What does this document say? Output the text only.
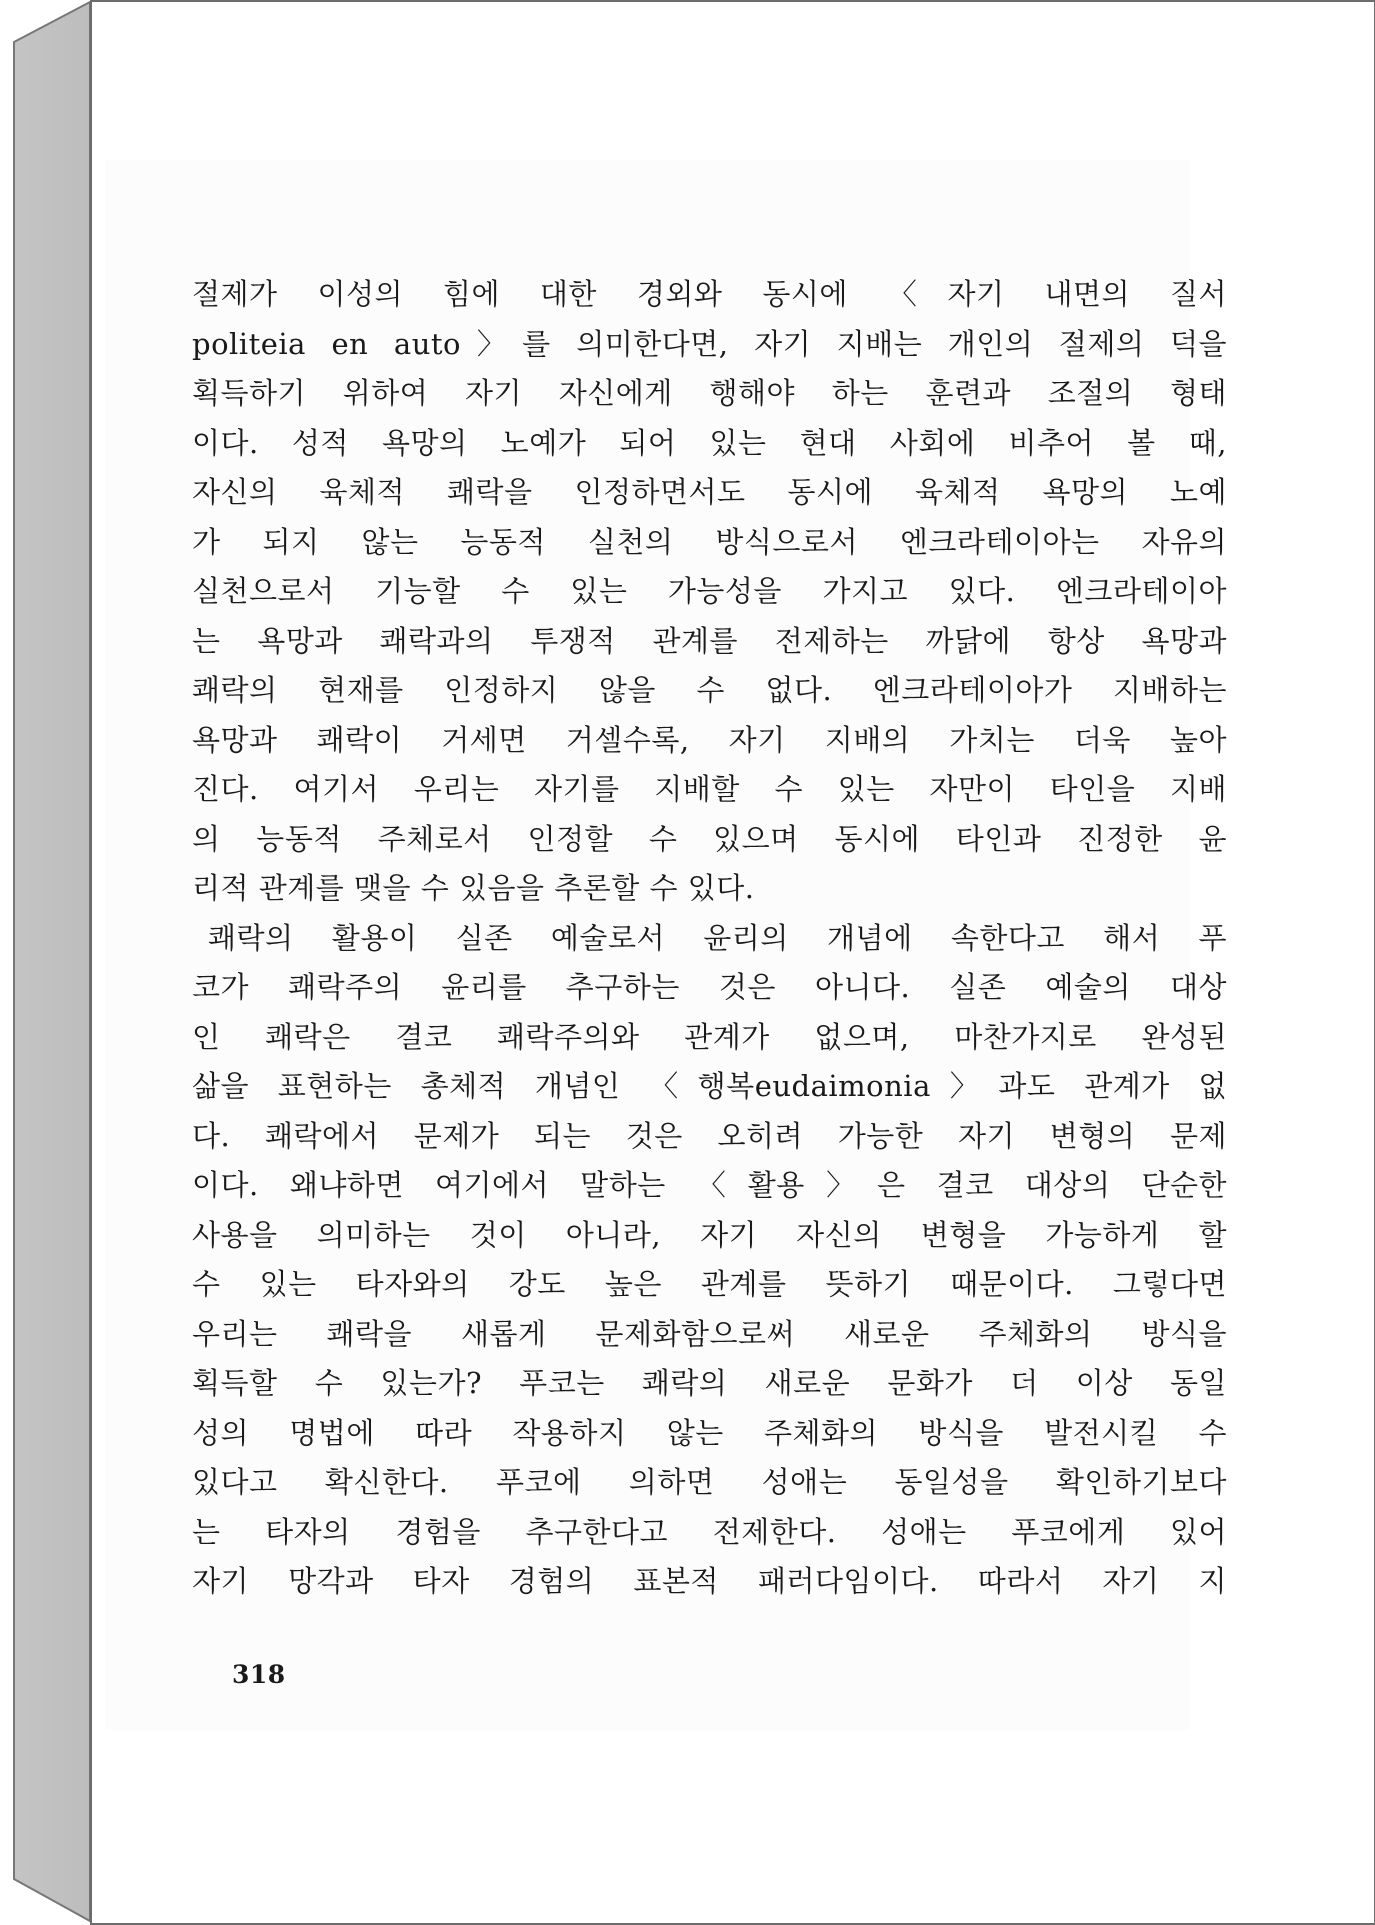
절제가 이성의 힘에 대한 경외와 동시에 〈자기 내면의 질서
politeia en auto〉를 의미한다면, 자기 지배는 개인의 절제의 덕을
획득하기 위하여 자기 자신에게 행해야 하는 훈련과 조절의 형태
이다. 성적 욕망의 노예가 되어 있는 현대 사회에 비추어 볼 때,
자신의 육체적 쾌락을 인정하면서도 동시에 육체적 욕망의 노예
가 되지 않는 능동적 실천의 방식으로서 엔크라테이아는 자유의
실천으로서 기능할 수 있는 가능성을 가지고 있다. 엔크라테이아
는 욕망과 쾌락과의 투쟁적 관계를 전제하는 까닭에 항상 욕망과
쾌락의 현재를 인정하지 않을 수 없다. 엔크라테이아가 지배하는
욕망과 쾌락이 거세면 거셀수록, 자기 지배의 가치는 더욱 높아
진다. 여기서 우리는 자기를 지배할 수 있는 자만이 타인을 지배
의 능동적 주체로서 인정할 수 있으며 동시에 타인과 진정한 윤
리적 관계를 맺을 수 있음을 추론할 수 있다.
쾌락의 활용이 실존 예술로서 윤리의 개념에 속한다고 해서 푸
코가 쾌락주의 윤리를 추구하는 것은 아니다. 실존 예술의 대상
인 쾌락은 결코 쾌락주의와 관계가 없으며, 마찬가지로 완성된
삶을 표현하는 총체적 개념인 〈행복eudaimonia〉과도 관계가 없
다. 쾌락에서 문제가 되는 것은 오히려 가능한 자기 변형의 문제
이다. 왜냐하면 여기에서 말하는 〈활용〉은 결코 대상의 단순한
사용을 의미하는 것이 아니라, 자기 자신의 변형을 가능하게 할
수 있는 타자와의 강도 높은 관계를 뜻하기 때문이다. 그렇다면
우리는 쾌락을 새롭게 문제화함으로써 새로운 주체화의 방식을
획득할 수 있는가? 푸코는 쾌락의 새로운 문화가 더 이상 동일
성의 명법에 따라 작용하지 않는 주체화의 방식을 발전시킬 수
있다고 확신한다. 푸코에 의하면 성애는 동일성을 확인하기보다
는 타자의 경험을 추구한다고 전제한다. 성애는 푸코에게 있어
자기 망각과 타자 경험의 표본적 패러다임이다. 따라서 자기 지
318
